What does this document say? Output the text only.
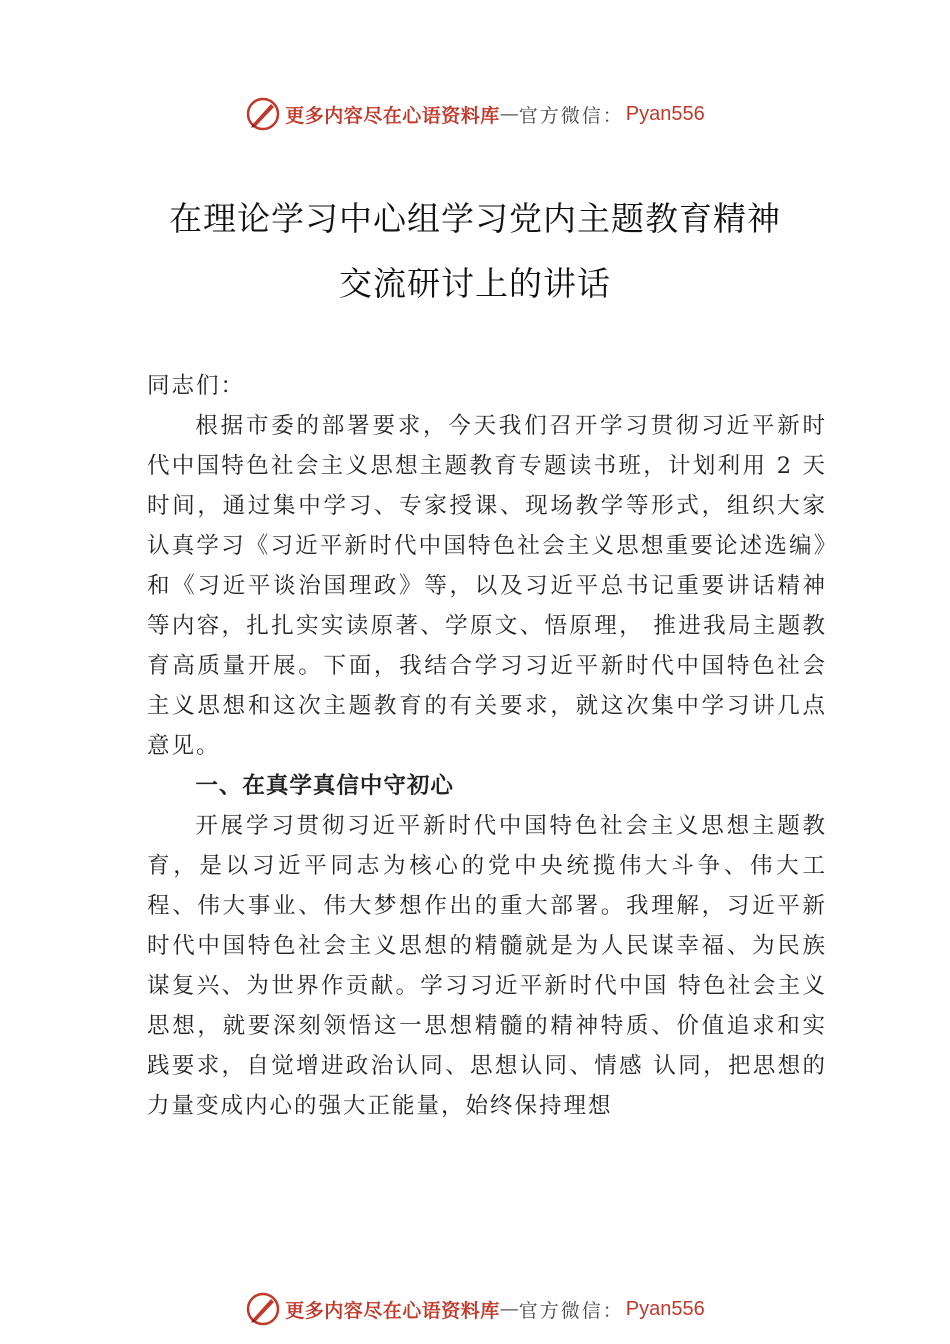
更多内容尽在心语资料库 — 官方微信 ： Pyan556
在理论学习中心组学习党内主题教育精神
交流研讨上的讲话

同志们：

根据市委的部署要求，今天我们召开学习贯彻习近平新时代中国特色社会主义思想主题教育专题读书班，计划利用 2 天时间，通过集中学习、专家授课、现场教学等形式，组织大家认真学习《习近平新时代中国特色社会主义思想重要论述选编》和《习近平谈治国理政》等，以及习近平总书记重要讲话精神等内容，扎扎实实读原著、学原文、悟原理， 推进我局主题教育高质量开展。下面，我结合学习习近平新时代中国特色社会主义思想和这次主题教育的有关要求，就这次集中学习讲几点意见。

一、在真学真信中守初心

开展学习贯彻习近平新时代中国特色社会主义思想主题教育，是以习近平同志为核心的党中央统揽伟大斗争、伟大工程、伟大事业、伟大梦想作出的重大部署。我理解，习近平新时代中国特色社会主义思想的精髓就是为人民谋幸福、为民族谋复兴、为世界作贡献。学习习近平新时代中国 特色社会主义思想，就要深刻领悟这一思想精髓的精神特质、价值追求和实践要求，自觉增进政治认同、思想认同、情感 认同，把思想的力量变成内心的强大正能量，始终保持理想

更多内容尽在心语资料库 — 官方微信 ： Pyan556
